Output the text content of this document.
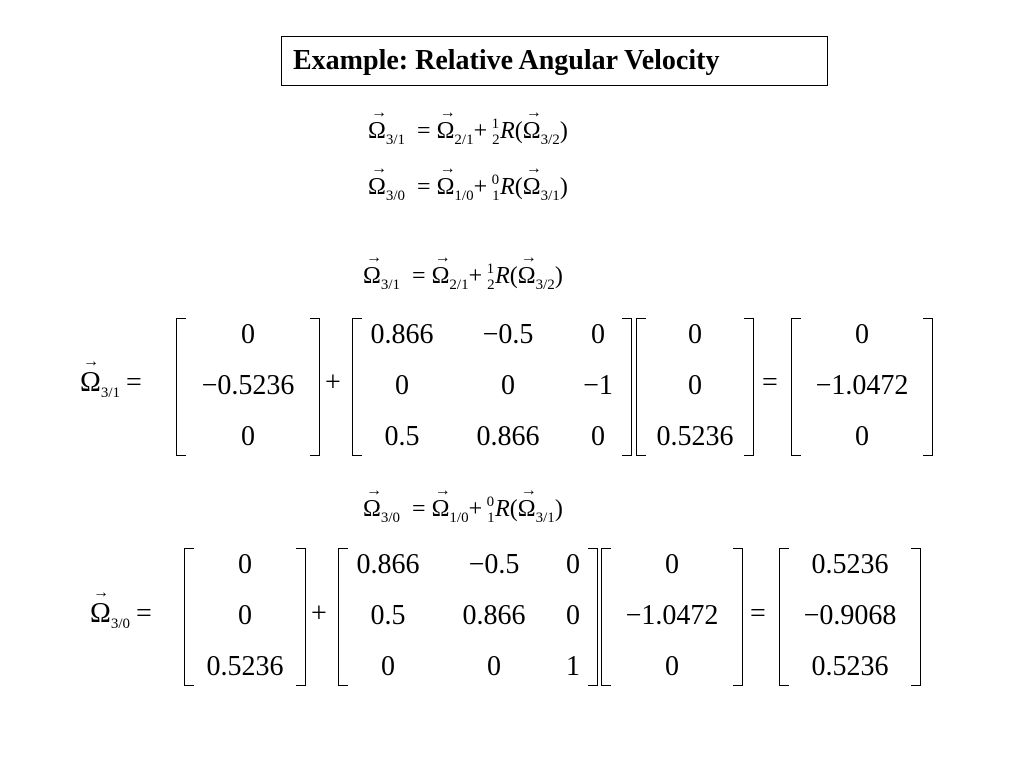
Example: Relative Angular Velocity
→ $\Omega_{3/1} =\to \Omega_{2/1}+ 21R(\to \Omega_{3/2})$
→ $\Omega_{3/0} =\to \Omega_{1/0}+ 10R(\to \Omega_{3/1})$
→ $\Omega_{3/1} =\to \Omega_{2/1}+ 21R(\to \Omega_{3/2})$
→ $\Omega_{3/1}$ =
0
−0.5236
0
+
0.866	−0.5	0
0	0	−1
0.5	0.866	0
0
0
0.5236
=
0
−1.0472
0
→ $\Omega_{3/0} =\to \Omega_{1/0}+ 10R(\to \Omega_{3/1})$
→ $\Omega_{3/0}$ =
0
0
0.5236
+
0.866	−0.5	0
0.5	0.866	0
0	0	1
0
−1.0472
0
=
0.5236
−0.9068
0.5236
